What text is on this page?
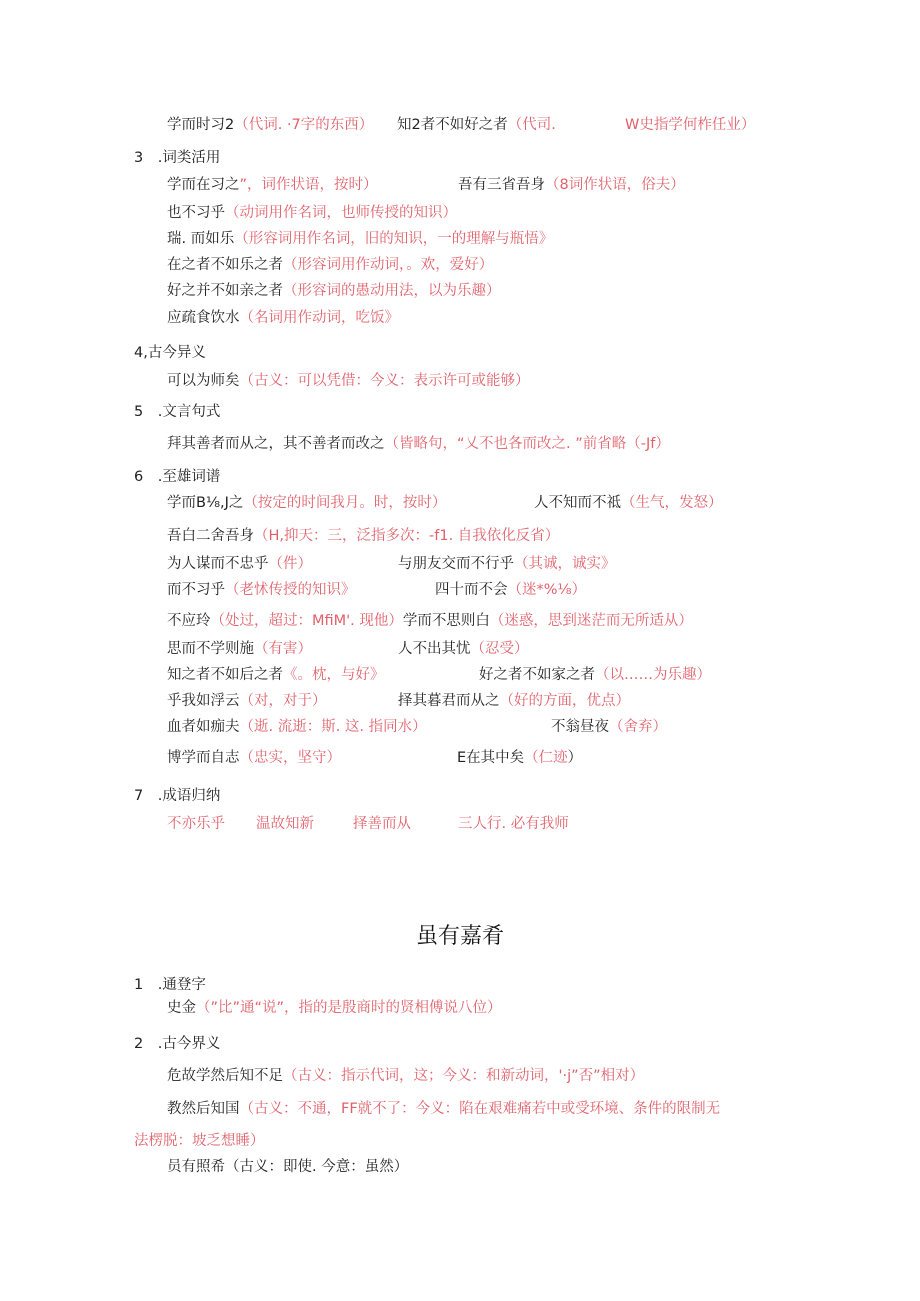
学而时习2（代词. ·7字的东西） 知2者不如好之者（代司.	W史指学何柞任业）
3　.词类活用
学而在习之”，词作状语，按时）	吾有三省吾身（8词作状语，俗夫）
也不习乎（动词用作名词，也师传授的知识）
瑞. 而如乐（形容词用作名词，旧的知识，一的理解与瓶悟》
在之者不如乐之者（形容词用作动词，。欢，爱好）
好之并不如亲之者（形容词的愚动用法，以为乐趣）
应疏食饮水（名词用作动词，吃饭》
4,古今异义
可以为师矣（古义：可以凭借：今义：表示许可或能够）
5　.文言句式
拜其善者而从之，其不善者而改之（皆略句，“乂不也各而改之. ”前省略（-Jf）
6　.至雄词谱
学而B⅛,J之（按定的时间我月。时，按时）	人不知而不祗（生气，发怒）
吾白二舍吾身（H,抑天：三，泛指多次：-f1. 自我依化反省）
为人谋而不忠乎（件）	与朋友交而不行乎（其诚，诚实》
而不习乎（老怵传授的知识》	四十而不会（迷*%⅛）
不应玲（处过，超过：MfiM'. 现他）学而不思则白（迷惑，思到迷茫而无所适从）
思而不学则施（有害）	人不出其忧（忍受）
知之者不如后之者《。枕，与好》	好之者不如家之者（以……为乐趣）
乎我如浮云（对，对于）	择其暮君而从之（好的方面，优点）
血者如痂夫（逝. 流逝：斯. 这. 指同水）	不翁昼夜（舍弃）
博学而自志（忠实，坚守）	E在其中矣（仁迹）
7　.成语归纳
不亦乐乎 温故知新	择善而从	三人行. 必有我师
虽有嘉肴
1　.通登字
史金（”比”通“说”，指的是殷商时的贤相傅说八位）
2　.古今界义
危故学然后知不足（古义：指示代词，这；今义：和新动词，'·j”否”相对）
教然后知国（古义：不通，FF就不了：今义：陷在艰难痛若中或受环境、条件的限制无
法楞脱：坡乏想睡）
员有照希（古义：即使. 今意：虽然）
